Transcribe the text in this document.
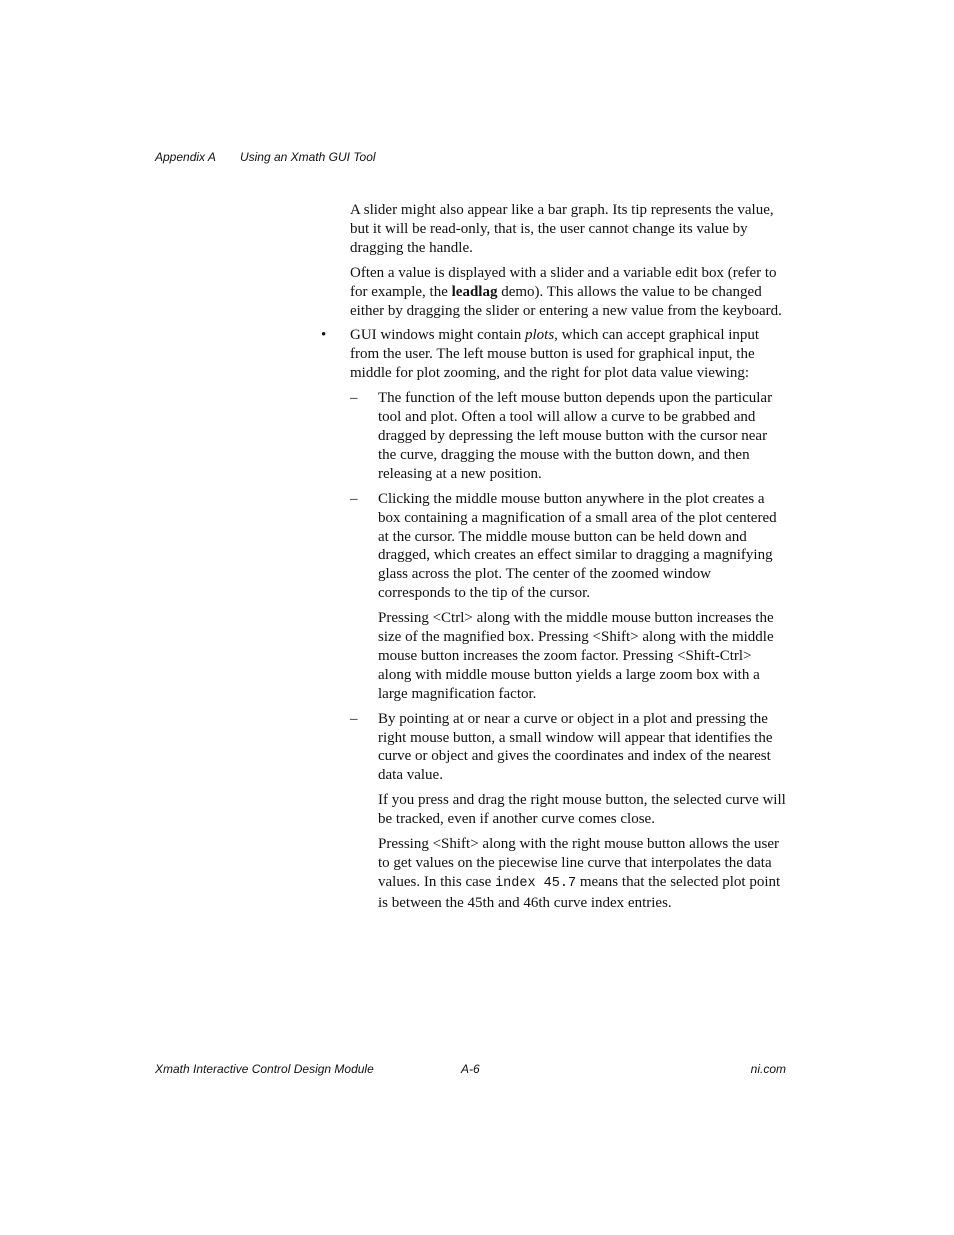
Appendix A Using an Xmath GUI Tool

A slider might also appear like a bar graph. Its tip represents the value, but it will be read-only, that is, the user cannot change its value by dragging the handle.

Often a value is displayed with a slider and a variable edit box (refer to for example, the leadlag demo). This allows the value to be changed either by dragging the slider or entering a new value from the keyboard.

• GUI windows might contain plots, which can accept graphical input from the user. The left mouse button is used for graphical input, the middle for plot zooming, and the right for plot data value viewing:

– The function of the left mouse button depends upon the particular tool and plot. Often a tool will allow a curve to be grabbed and dragged by depressing the left mouse button with the cursor near the curve, dragging the mouse with the button down, and then releasing at a new position.

– Clicking the middle mouse button anywhere in the plot creates a box containing a magnification of a small area of the plot centered at the cursor. The middle mouse button can be held down and dragged, which creates an effect similar to dragging a magnifying glass across the plot. The center of the zoomed window corresponds to the tip of the cursor.

Pressing <Ctrl> along with the middle mouse button increases the size of the magnified box. Pressing <Shift> along with the middle mouse button increases the zoom factor. Pressing <Shift-Ctrl> along with middle mouse button yields a large zoom box with a large magnification factor.

– By pointing at or near a curve or object in a plot and pressing the right mouse button, a small window will appear that identifies the curve or object and gives the coordinates and index of the nearest data value.

If you press and drag the right mouse button, the selected curve will be tracked, even if another curve comes close.

Pressing <Shift> along with the right mouse button allows the user to get values on the piecewise line curve that interpolates the data values. In this case index 45.7 means that the selected plot point is between the 45th and 46th curve index entries.

Xmath Interactive Control Design Module	A-6	ni.com
